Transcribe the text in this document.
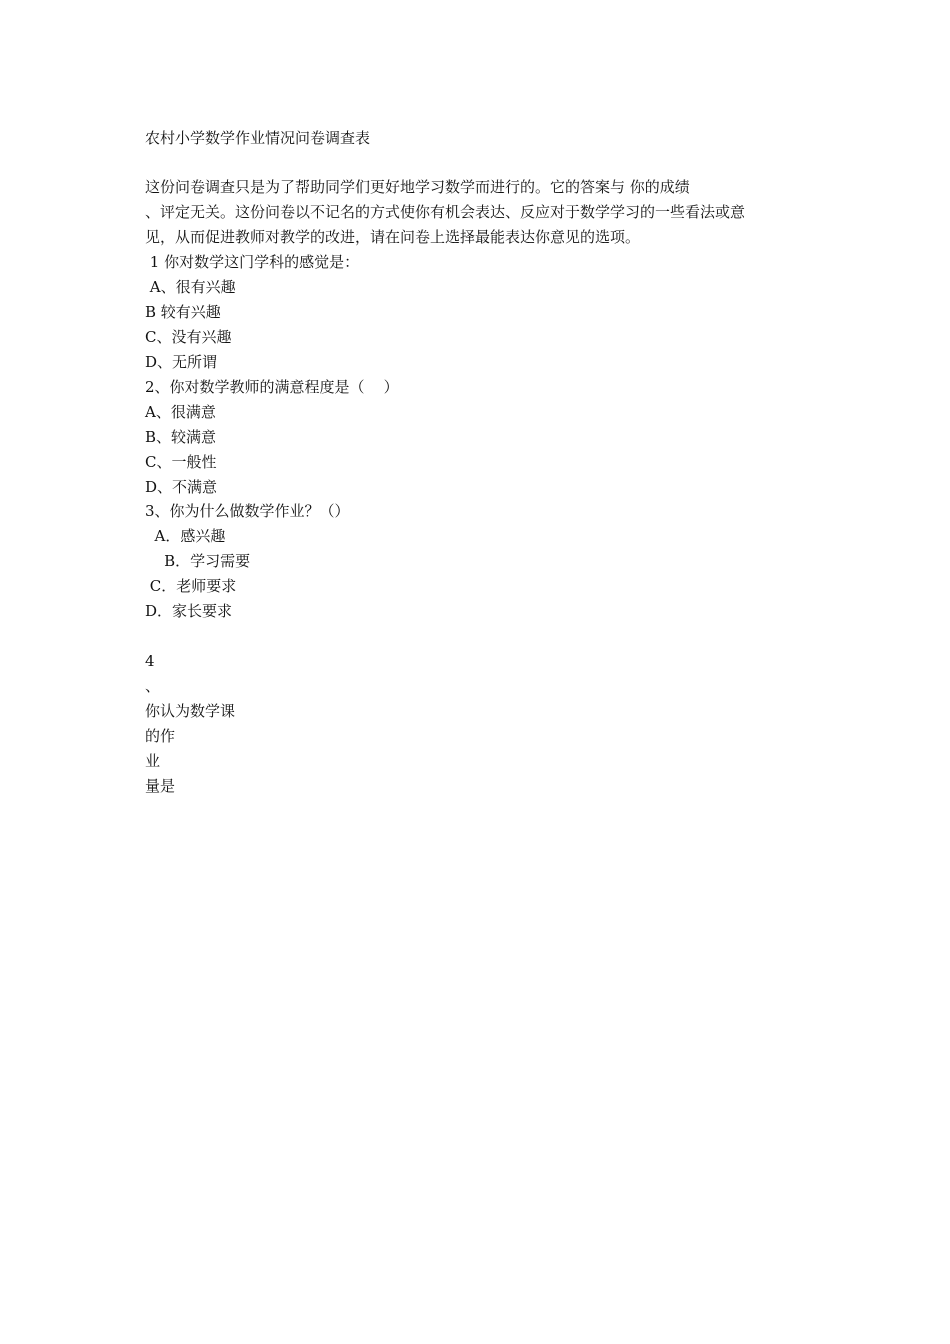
农村小学数学作业情况问卷调查表
这份问卷调查只是为了帮助同学们更好地学习数学而进行的。它的答案与 你的成绩
、评定无关。这份问卷以不记名的方式使你有机会表达、反应对于数学学习的一些看法或意
见，从而促进教师对教学的改进，请在问卷上选择最能表达你意见的选项。
1 你对数学这门学科的感觉是：
A、很有兴趣
B 较有兴趣
C、没有兴趣
D、无所谓
2、你对数学教师的满意程度是（    ）
A、很满意
B、较满意
C、一般性
D、不满意
3、你为什么做数学作业？（）
A．感兴趣
B．学习需要
C．老师要求
D．家长要求
4
、
你认为数学课
的作
业
量是
